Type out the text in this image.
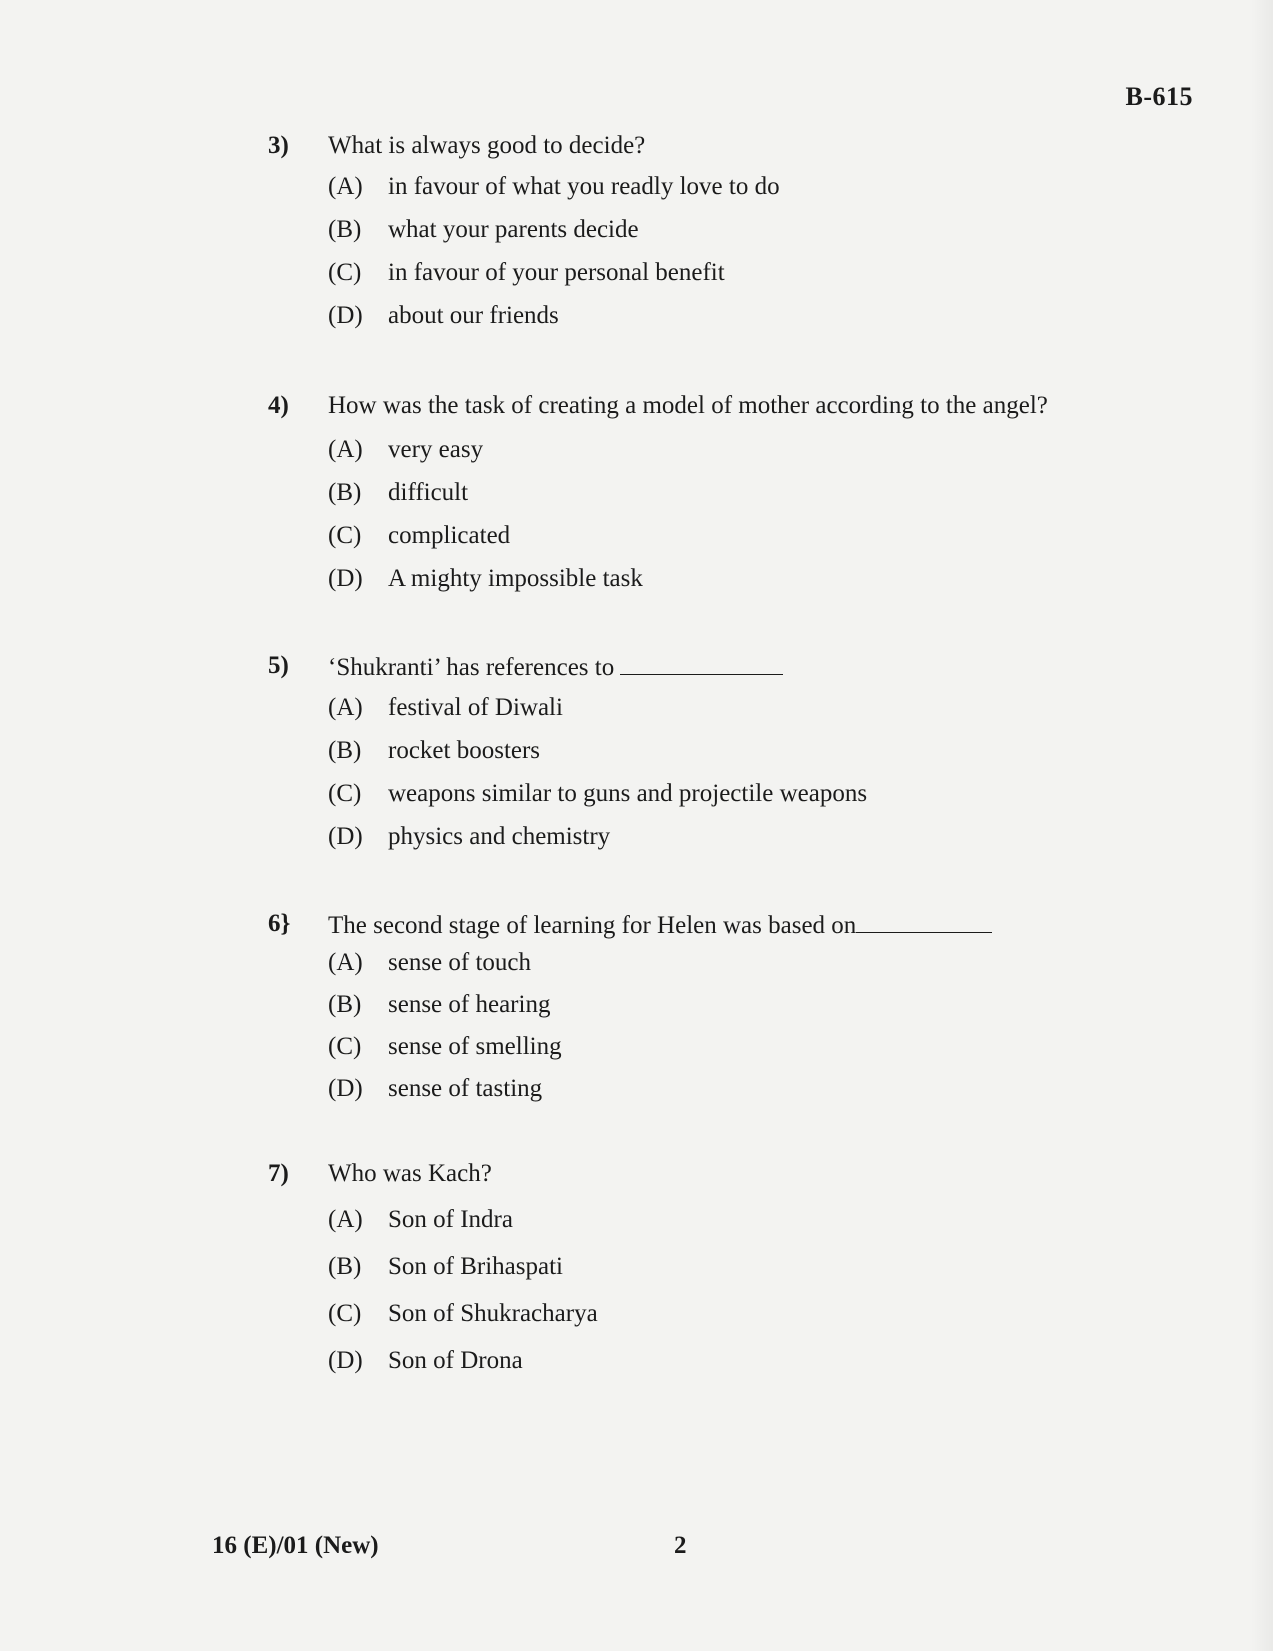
B-615
3) What is always good to decide?
(A) in favour of what you readly love to do
(B) what your parents decide
(C) in favour of your personal benefit
(D) about our friends
4) How was the task of creating a model of mother according to the angel?
(A) very easy
(B) difficult
(C) complicated
(D) A mighty impossible task
5) ‘Shukranti’ has references to
(A) festival of Diwali
(B) rocket boosters
(C) weapons similar to guns and projectile weapons
(D) physics and chemistry
6} The second stage of learning for Helen was based on
(A) sense of touch
(B) sense of hearing
(C) sense of smelling
(D) sense of tasting
7) Who was Kach?
(A) Son of Indra
(B) Son of Brihaspati
(C) Son of Shukracharya
(D) Son of Drona
16 (E)/01 (New)	2
